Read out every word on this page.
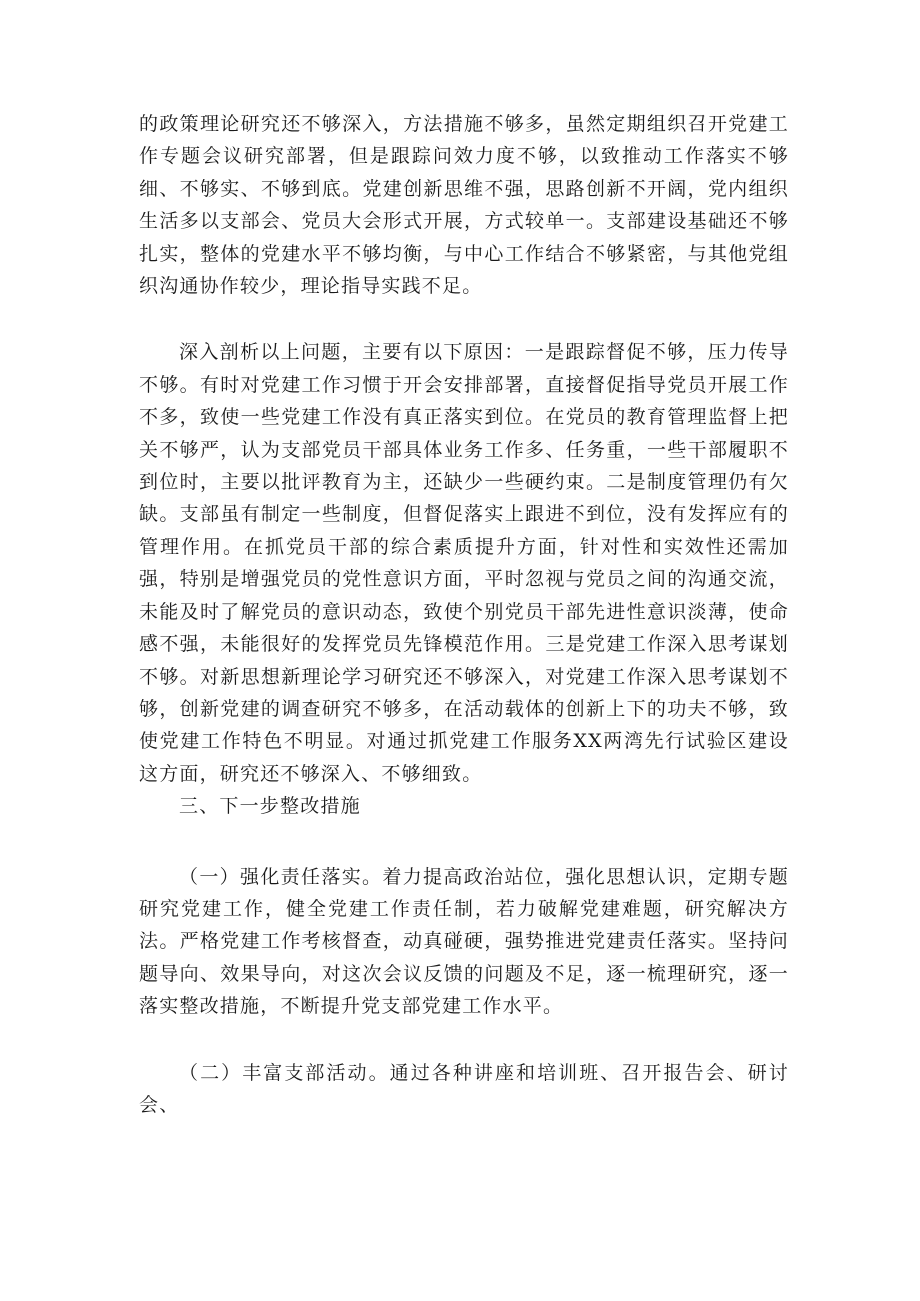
的政策理论研究还不够深入，方法措施不够多，虽然定期组织召开党建工作专题会议研究部署，但是跟踪问效力度不够，以致推动工作落实不够细、不够实、不够到底。党建创新思维不强，思路创新不开阔，党内组织生活多以支部会、党员大会形式开展，方式较单一。支部建设基础还不够扎实，整体的党建水平不够均衡，与中心工作结合不够紧密，与其他党组织沟通协作较少，理论指导实践不足。

深入剖析以上问题，主要有以下原因：一是跟踪督促不够，压力传导不够。有时对党建工作习惯于开会安排部署，直接督促指导党员开展工作不多，致使一些党建工作没有真正落实到位。在党员的教育管理监督上把关不够严，认为支部党员干部具体业务工作多、任务重，一些干部履职不到位时，主要以批评教育为主，还缺少一些硬约束。二是制度管理仍有欠缺。支部虽有制定一些制度，但督促落实上跟进不到位，没有发挥应有的管理作用。在抓党员干部的综合素质提升方面，针对性和实效性还需加强，特别是增强党员的党性意识方面，平时忽视与党员之间的沟通交流，未能及时了解党员的意识动态，致使个别党员干部先进性意识淡薄，使命感不强，未能很好的发挥党员先锋模范作用。三是党建工作深入思考谋划不够。对新思想新理论学习研究还不够深入，对党建工作深入思考谋划不够，创新党建的调查研究不够多，在活动载体的创新上下的功夫不够，致使党建工作特色不明显。对通过抓党建工作服务XX两湾先行试验区建设这方面，研究还不够深入、不够细致。

三、下一步整改措施

（一）强化责任落实。着力提高政治站位，强化思想认识，定期专题研究党建工作，健全党建工作责任制，若力破解党建难题，研究解决方法。严格党建工作考核督查，动真碰硬，强势推进党建责任落实。坚持问题导向、效果导向，对这次会议反馈的问题及不足，逐一梳理研究，逐一落实整改措施，不断提升党支部党建工作水平。

（二）丰富支部活动。通过各种讲座和培训班、召开报告会、研讨会、
